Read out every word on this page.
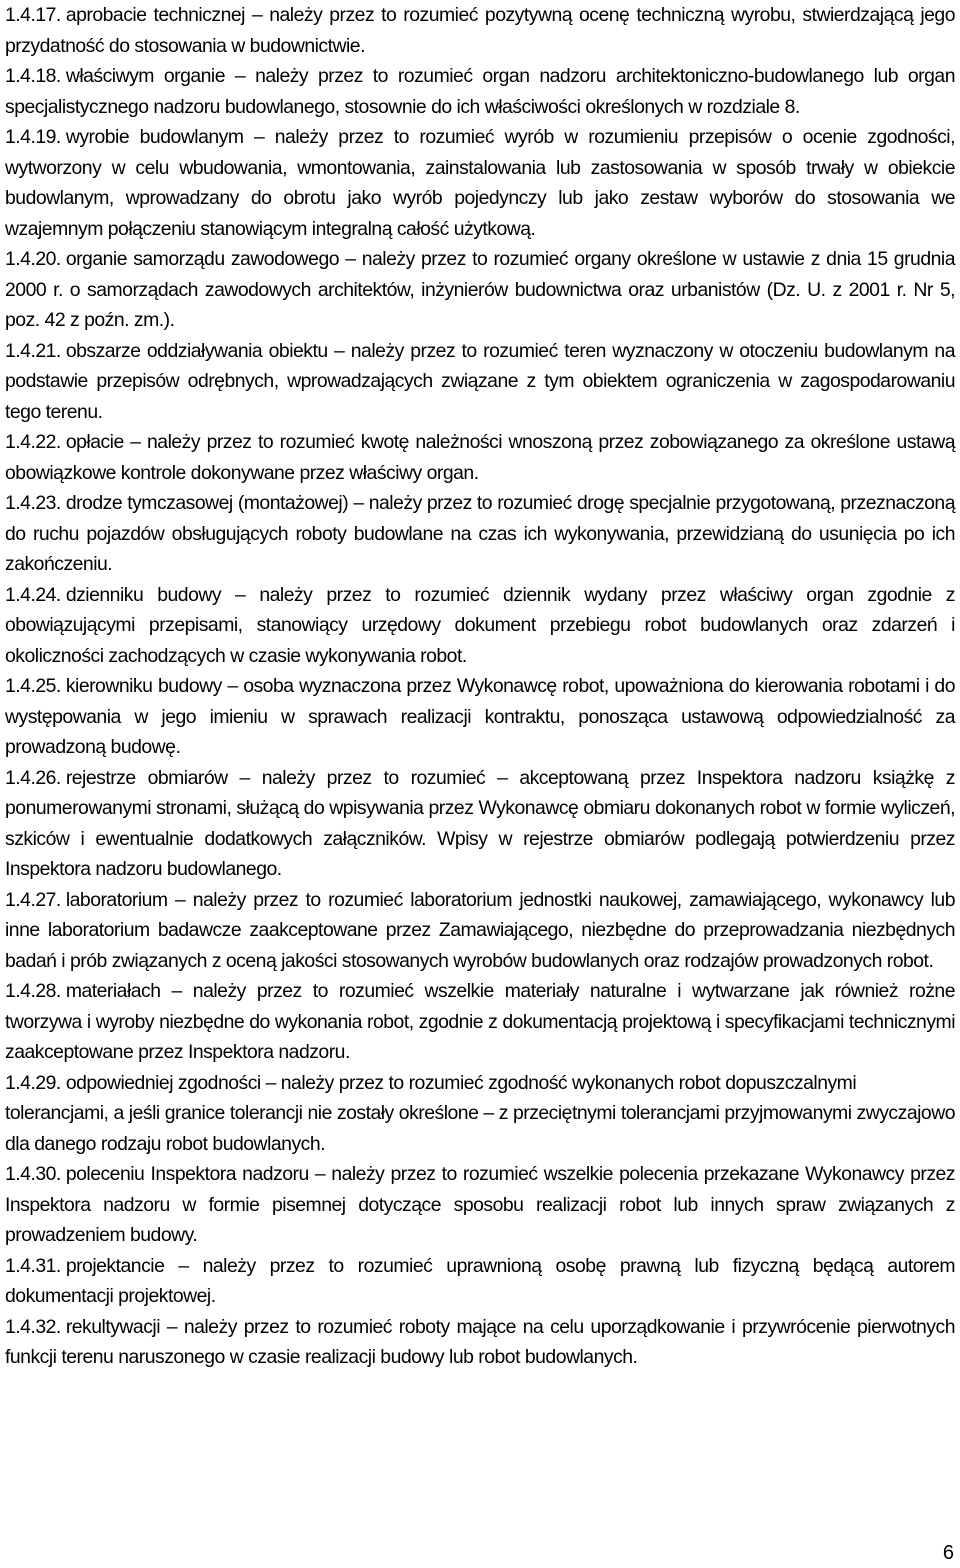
1.4.17. aprobacie technicznej – należy przez to rozumieć pozytywną ocenę techniczną wyrobu, stwierdzającą jego przydatność do stosowania w budownictwie.

1.4.18. właściwym organie – należy przez to rozumieć organ nadzoru architektoniczno-budowlanego lub organ specjalistycznego nadzoru budowlanego, stosownie do ich właściwości określonych w rozdziale 8.

1.4.19. wyrobie budowlanym – należy przez to rozumieć wyrób w rozumieniu przepisów o ocenie zgodności, wytworzony w celu wbudowania, wmontowania, zainstalowania lub zastosowania w sposób trwały w obiekcie budowlanym, wprowadzany do obrotu jako wyrób pojedynczy lub jako zestaw wyborów do stosowania we wzajemnym połączeniu stanowiącym integralną całość użytkową.

1.4.20. organie samorządu zawodowego – należy przez to rozumieć organy określone w ustawie z dnia 15 grudnia 2000 r. o samorządach zawodowych architektów, inżynierów budownictwa oraz urbanistów (Dz. U. z 2001 r. Nr 5, poz. 42 z poźn. zm.).

1.4.21. obszarze oddziaływania obiektu – należy przez to rozumieć teren wyznaczony w otoczeniu budowlanym na podstawie przepisów odrębnych, wprowadzających związane z tym obiektem ograniczenia w zagospodarowaniu tego terenu.

1.4.22. opłacie – należy przez to rozumieć kwotę należności wnoszoną przez zobowiązanego za określone ustawą obowiązkowe kontrole dokonywane przez właściwy organ.

1.4.23. drodze tymczasowej (montażowej) – należy przez to rozumieć drogę specjalnie przygotowaną, przeznaczoną do ruchu pojazdów obsługujących roboty budowlane na czas ich wykonywania, przewidzianą do usunięcia po ich zakończeniu.

1.4.24. dzienniku budowy – należy przez to rozumieć dziennik wydany przez właściwy organ zgodnie z obowiązującymi przepisami, stanowiący urzędowy dokument przebiegu robot budowlanych oraz zdarzeń i okoliczności zachodzących w czasie wykonywania robot.

1.4.25. kierowniku budowy – osoba wyznaczona przez Wykonawcę robot, upoważniona do kierowania robotami i do występowania w jego imieniu w sprawach realizacji kontraktu, ponosząca ustawową odpowiedzialność za prowadzoną budowę.

1.4.26. rejestrze obmiarów – należy przez to rozumieć – akceptowaną przez Inspektora nadzoru książkę z ponumerowanymi stronami, służącą do wpisywania przez Wykonawcę obmiaru dokonanych robot w formie wyliczeń, szkiców i ewentualnie dodatkowych załączników. Wpisy w rejestrze obmiarów podlegają potwierdzeniu przez Inspektora nadzoru budowlanego.

1.4.27. laboratorium – należy przez to rozumieć laboratorium jednostki naukowej, zamawiającego, wykonawcy lub inne laboratorium badawcze zaakceptowane przez Zamawiającego, niezbędne do przeprowadzania niezbędnych badań i prób związanych z oceną jakości stosowanych wyrobów budowlanych oraz rodzajów prowadzonych robot.

1.4.28. materiałach – należy przez to rozumieć wszelkie materiały naturalne i wytwarzane jak również rożne tworzywa i wyroby niezbędne do wykonania robot, zgodnie z dokumentacją projektową i specyfikacjami technicznymi zaakceptowane przez Inspektora nadzoru.

1.4.29. odpowiedniej zgodności – należy przez to rozumieć zgodność wykonanych robot dopuszczalnymi

tolerancjami, a jeśli granice tolerancji nie zostały określone – z przeciętnymi tolerancjami przyjmowanymi zwyczajowo dla danego rodzaju robot budowlanych.

1.4.30. poleceniu Inspektora nadzoru – należy przez to rozumieć wszelkie polecenia przekazane Wykonawcy przez Inspektora nadzoru w formie pisemnej dotyczące sposobu realizacji robot lub innych spraw związanych z prowadzeniem budowy.

1.4.31. projektancie – należy przez to rozumieć uprawnioną osobę prawną lub fizyczną będącą autorem dokumentacji projektowej.

1.4.32. rekultywacji – należy przez to rozumieć roboty mające na celu uporządkowanie i przywrócenie pierwotnych funkcji terenu naruszonego w czasie realizacji budowy lub robot budowlanych.

6
